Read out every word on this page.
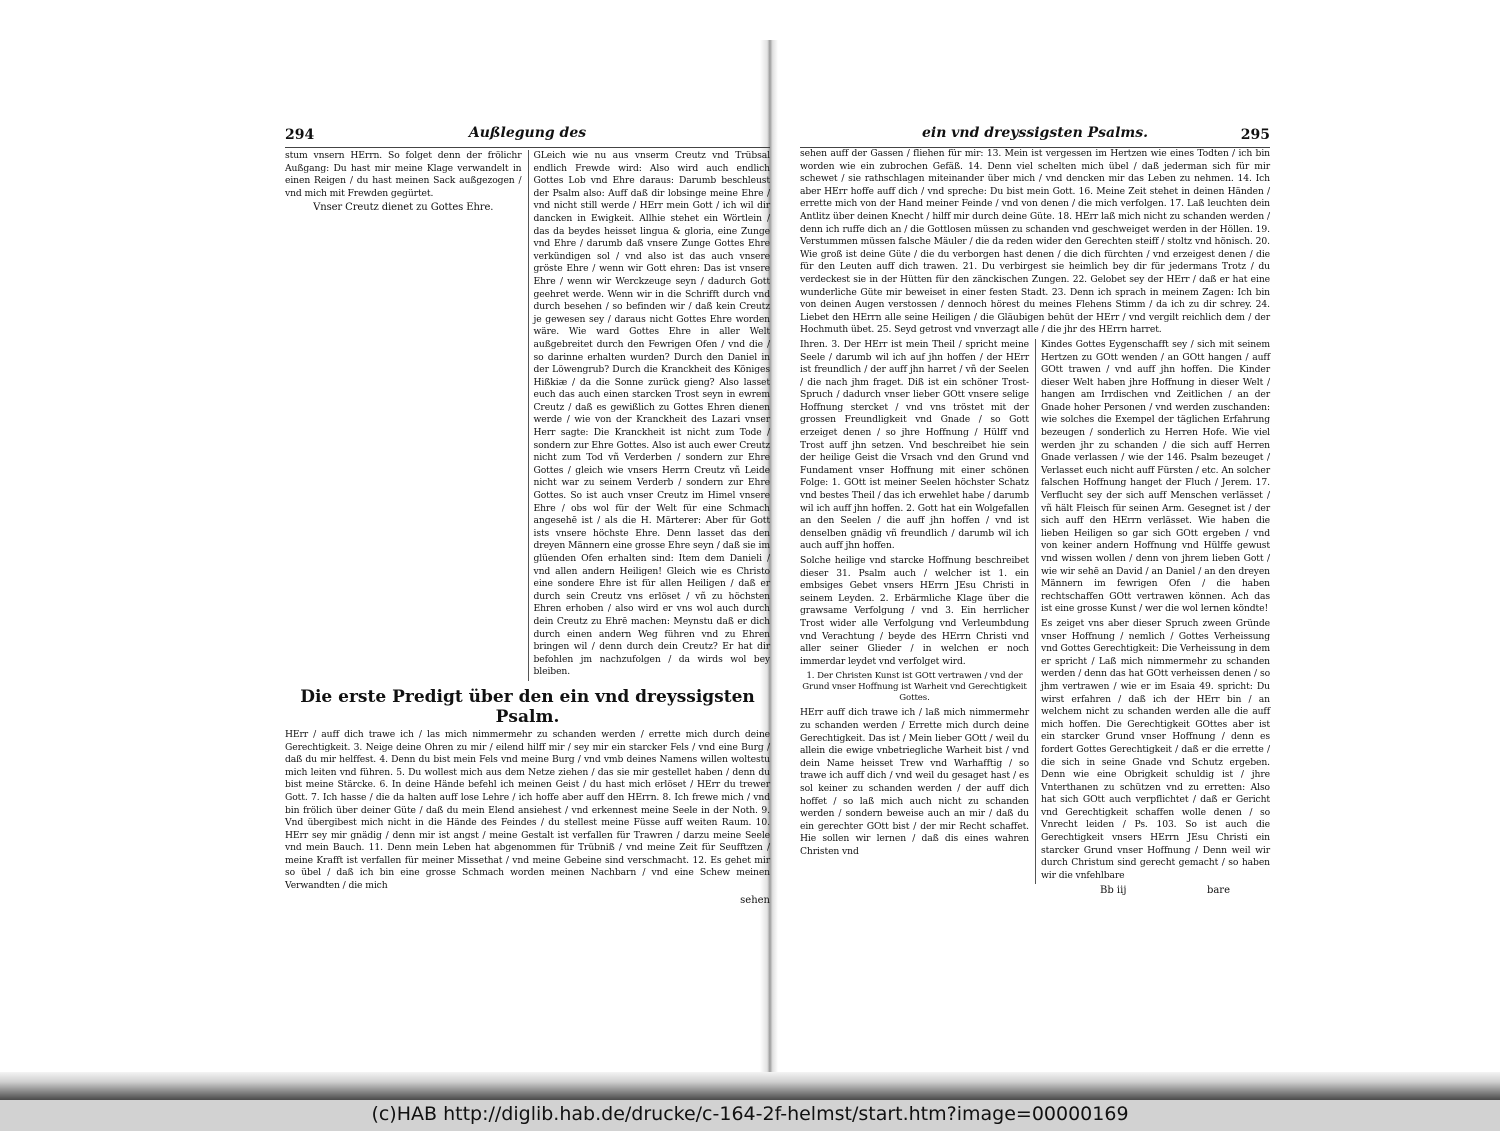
294	Außlegung des

stum vnsern HErrn. So folget denn der frölichr Außgang: Du hast mir meine Klage verwandelt in einen Reigen / du hast meinen Sack außgezogen / vnd mich mit Frewden gegürtet.

Vnser Creutz dienet zu Gottes Ehre.

GLeich wie nu aus vnserm Creutz vnd Trübsal endlich Frewde wird: Also wird auch endlich Gottes Lob vnd Ehre daraus: Darumb beschleust der Psalm also: Auff daß dir lobsinge meine Ehre / vnd nicht still werde / HErr mein Gott / ich wil dir dancken in Ewigkeit. Allhie stehet ein Wörtlein / das da beydes heisset lingua & gloria, eine Zunge vnd Ehre / darumb daß vnsere Zunge Gottes Ehre verkündigen sol / vnd also ist das auch vnsere gröste Ehre / wenn wir Gott ehren: Das ist vnsere Ehre / wenn wir Werckzeuge seyn / dadurch Gott geehret werde. Wenn wir in die Schrifft durch vnd durch besehen / so befinden wir / daß kein Creutz je gewesen sey / daraus nicht Gottes Ehre worden wäre. Wie ward Gottes Ehre in aller Welt außgebreitet durch den Fewrigen Ofen / vnd die / so darinne erhalten wurden? Durch den Daniel in der Löwengrub? Durch die Kranckheit des Königes Hißkiæ / da die Sonne zurück gieng? Also lasset euch das auch einen starcken Trost seyn in ewrem Creutz / daß es gewißlich zu Gottes Ehren dienen werde / wie von der Kranckheit des Lazari vnser Herr sagte: Die Kranckheit ist nicht zum Tode / sondern zur Ehre Gottes. Also ist auch ewer Creutz nicht zum Tod vñ Verderben / sondern zur Ehre Gottes / gleich wie vnsers Herrn Creutz vñ Leide nicht war zu seinem Verderb / sondern zur Ehre Gottes. So ist auch vnser Creutz im Himel vnsere Ehre / obs wol für der Welt für eine Schmach angesehē ist / als die H. Märterer: Aber für Gott ists vnsere höchste Ehre. Denn lasset das den dreyen Männern eine grosse Ehre seyn / daß sie im glüenden Ofen erhalten sind: Item dem Danieli / vnd allen andern Heiligen! Gleich wie es Christo eine sondere Ehre ist für allen Heiligen / daß er durch sein Creutz vns erlöset / vñ zu höchsten Ehren erhoben / also wird er vns wol auch durch dein Creutz zu Ehrē machen: Meynstu daß er dich durch einen andern Weg führen vnd zu Ehren bringen wil / denn durch dein Creutz? Er hat dir befohlen jm nachzufolgen / da wirds wol bey bleiben.

Die erste Predigt über den ein vnd dreyssigsten Psalm.

HErr / auff dich trawe ich / las mich nimmermehr zu schanden werden / errette mich durch deine Gerechtigkeit. 3. Neige deine Ohren zu mir / eilend hilff mir / sey mir ein starcker Fels / vnd eine Burg / daß du mir helffest. 4. Denn du bist mein Fels vnd meine Burg / vnd vmb deines Namens willen woltestu mich leiten vnd führen. 5. Du wollest mich aus dem Netze ziehen / das sie mir gestellet haben / denn du bist meine Stärcke. 6. In deine Hände befehl ich meinen Geist / du hast mich erlöset / HErr du trewer Gott. 7. Ich hasse / die da halten auff lose Lehre / ich hoffe aber auff den HErrn. 8. Ich frewe mich / vnd bin frölich über deiner Güte / daß du mein Elend ansiehest / vnd erkennest meine Seele in der Noth. 9. Vnd übergibest mich nicht in die Hände des Feindes / du stellest meine Füsse auff weiten Raum. 10. HErr sey mir gnädig / denn mir ist angst / meine Gestalt ist verfallen für Trawren / darzu meine Seele vnd mein Bauch. 11. Denn mein Leben hat abgenommen für Trübniß / vnd meine Zeit für Seufftzen / meine Krafft ist verfallen für meiner Missethat / vnd meine Gebeine sind verschmacht. 12. Es gehet mir so übel / daß ich bin eine grosse Schmach worden meinen Nachbarn / vnd eine Schew meinen Verwandten / die mich

sehen
ein vnd dreyssigsten Psalms.	295

sehen auff der Gassen / fliehen für mir: 13. Mein ist vergessen im Hertzen wie eines Todten / ich bin worden wie ein zubrochen Gefäß. 14. Denn viel schelten mich übel / daß jederman sich für mir schewet / sie rathschlagen miteinander über mich / vnd dencken mir das Leben zu nehmen. 14. Ich aber HErr hoffe auff dich / vnd spreche: Du bist mein Gott. 16. Meine Zeit stehet in deinen Händen / errette mich von der Hand meiner Feinde / vnd von denen / die mich verfolgen. 17. Laß leuchten dein Antlitz über deinen Knecht / hilff mir durch deine Güte. 18. HErr laß mich nicht zu schanden werden / denn ich ruffe dich an / die Gottlosen müssen zu schanden vnd geschweiget werden in der Höllen. 19. Verstummen müssen falsche Mäuler / die da reden wider den Gerechten steiff / stoltz vnd hönisch. 20. Wie groß ist deine Güte / die du verborgen hast denen / die dich fürchten / vnd erzeigest denen / die für den Leuten auff dich trawen. 21. Du verbirgest sie heimlich bey dir für jedermans Trotz / du verdeckest sie in der Hütten für den zänckischen Zungen. 22. Gelobet sey der HErr / daß er hat eine wunderliche Güte mir beweiset in einer festen Stadt. 23. Denn ich sprach in meinem Zagen: Ich bin von deinen Augen verstossen / dennoch hörest du meines Flehens Stimm / da ich zu dir schrey. 24. Liebet den HErrn alle seine Heiligen / die Gläubigen behüt der HErr / vnd vergilt reichlich dem / der Hochmuth übet. 25. Seyd getrost vnd vnverzagt alle / die jhr des HErrn harret.

Ihren. 3. Der HErr ist mein Theil / spricht meine Seele / darumb wil ich auf jhn hoffen / der HErr ist freundlich / der auff jhn harret / vñ der Seelen / die nach jhm fraget. Diß ist ein schöner Trost-Spruch / dadurch vnser lieber GOtt vnsere selige Hoffnung stercket / vnd vns tröstet mit der grossen Freundligkeit vnd Gnade / so Gott erzeiget denen / so jhre Hoffnung / Hülff vnd Trost auff jhn setzen. Vnd beschreibet hie sein der heilige Geist die Vrsach vnd den Grund vnd Fundament vnser Hoffnung mit einer schönen Folge: 1. GOtt ist meiner Seelen höchster Schatz vnd bestes Theil / das ich erwehlet habe / darumb wil ich auff jhn hoffen. 2. Gott hat ein Wolgefallen an den Seelen / die auff jhn hoffen / vnd ist denselben gnädig vñ freundlich / darumb wil ich auch auff jhn hoffen.

Solche heilige vnd starcke Hoffnung beschreibet dieser 31. Psalm auch / welcher ist 1. ein embsiges Gebet vnsers HErrn JEsu Christi in seinem Leyden. 2. Erbärmliche Klage über die grawsame Verfolgung / vnd 3. Ein herrlicher Trost wider alle Verfolgung vnd Verleumbdung vnd Verachtung / beyde des HErrn Christi vnd aller seiner Glieder / in welchen er noch immerdar leydet vnd verfolget wird.

1. Der Christen Kunst ist GOtt vertrawen / vnd der Grund vnser Hoffnung ist Warheit vnd Gerechtigkeit Gottes.

HErr auff dich trawe ich / laß mich nimmermehr zu schanden werden / Errette mich durch deine Gerechtigkeit. Das ist / Mein lieber GOtt / weil du allein die ewige vnbetriegliche Warheit bist / vnd dein Name heisset Trew vnd Warhafftig / so trawe ich auff dich / vnd weil du gesaget hast / es sol keiner zu schanden werden / der auff dich hoffet / so laß mich auch nicht zu schanden werden / sondern beweise auch an mir / daß du ein gerechter GOtt bist / der mir Recht schaffet. Hie sollen wir lernen / daß dis eines wahren Christen vnd

Kindes Gottes Eygenschafft sey / sich mit seinem Hertzen zu GOtt wenden / an GOtt hangen / auff GOtt trawen / vnd auff jhn hoffen. Die Kinder dieser Welt haben jhre Hoffnung in dieser Welt / hangen am Irrdischen vnd Zeitlichen / an der Gnade hoher Personen / vnd werden zuschanden: wie solches die Exempel der täglichen Erfahrung bezeugen / sonderlich zu Herren Hofe. Wie viel werden jhr zu schanden / die sich auff Herren Gnade verlassen / wie der 146. Psalm bezeuget / Verlasset euch nicht auff Fürsten / etc. An solcher falschen Hoffnung hanget der Fluch / Jerem. 17. Verflucht sey der sich auff Menschen verlässet / vñ hält Fleisch für seinen Arm. Gesegnet ist / der sich auff den HErrn verlässet. Wie haben die lieben Heiligen so gar sich GOtt ergeben / vnd von keiner andern Hoffnung vnd Hülffe gewust vnd wissen wollen / denn von jhrem lieben Gott / wie wir sehē an David / an Daniel / an den dreyen Männern im fewrigen Ofen / die haben rechtschaffen GOtt vertrawen können. Ach das ist eine grosse Kunst / wer die wol lernen köndte!

Es zeiget vns aber dieser Spruch zween Gründe vnser Hoffnung / nemlich / Gottes Verheissung vnd Gottes Gerechtigkeit: Die Verheissung in dem er spricht / Laß mich nimmermehr zu schanden werden / denn das hat GOtt verheissen denen / so jhm vertrawen / wie er im Esaia 49. spricht: Du wirst erfahren / daß ich der HErr bin / an welchem nicht zu schanden werden alle die auff mich hoffen. Die Gerechtigkeit GOttes aber ist ein starcker Grund vnser Hoffnung / denn es fordert Gottes Gerechtigkeit / daß er die errette / die sich in seine Gnade vnd Schutz ergeben. Denn wie eine Obrigkeit schuldig ist / jhre Vnterthanen zu schützen vnd zu erretten: Also hat sich GOtt auch verpflichtet / daß er Gericht vnd Gerechtigkeit schaffen wolle denen / so Vnrecht leiden / Ps. 103. So ist auch die Gerechtigkeit vnsers HErrn JEsu Christi ein starcker Grund vnser Hoffnung / Denn weil wir durch Christum sind gerecht gemacht / so haben wir die vnfehlbare

Bb iij	bare
(c)HAB http://diglib.hab.de/drucke/c-164-2f-helmst/start.htm?image=00000169
